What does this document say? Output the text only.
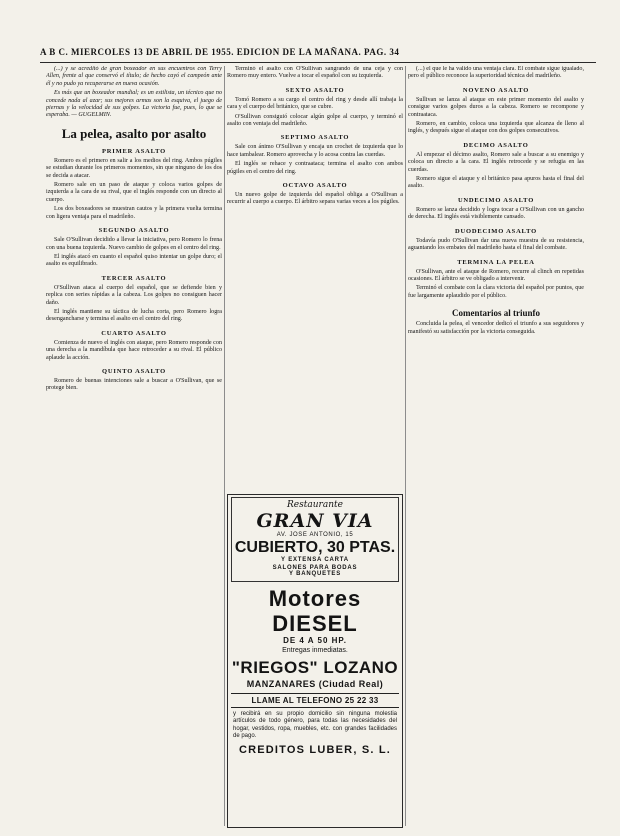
A B C. MIERCOLES 13 DE ABRIL DE 1955. EDICION DE LA MAÑANA. PAG. 34

(...) y se acreditó de gran boxeador en sus encuentros con Terry Allen, frente al que conservó el título; de hecho cayó el campeón ante él y no pudo ya recuperarse en nueva ocasión.

Es más que un boxeador mundial; es un estilista, un técnico que no concede nada al azar; sus mejores armas son la esquiva, el juego de piernas y la velocidad de sus golpes. La victoria fue, pues, lo que se esperaba. — GUGELMIN.

La pelea, asalto por asalto
PRIMER ASALTO

Romero es el primero en salir a los medios del ring. Ambos púgiles se estudian durante los primeros momentos, sin que ninguno de los dos se decida a atacar.

Romero sale en un paso de ataque y coloca varios golpes de izquierda a la cara de su rival, que el inglés responde con un directo al cuerpo.

Los dos boxeadores se muestran cautos y la primera vuelta termina con ligera ventaja para el madrileño.

SEGUNDO ASALTO

Sale O'Sullivan decidido a llevar la iniciativa, pero Romero lo frena con una buena izquierda. Nuevo cambio de golpes en el centro del ring.

El inglés atacó en cuanto el español quiso intentar un golpe duro; el asalto es equilibrado.

TERCER ASALTO

O'Sullivan ataca al cuerpo del español, que se defiende bien y replica con series rápidas a la cabeza. Los golpes no consiguen hacer daño.

El inglés mantiene su táctica de lucha corta, pero Romero logra desengancharse y termina el asalto en el centro del ring.

CUARTO ASALTO

Comienza de nuevo el inglés con ataque, pero Romero responde con una derecha a la mandíbula que hace retroceder a su rival. El público aplaude la acción.

QUINTO ASALTO

Romero de buenas intenciones sale a buscar a O'Sullivan, que se protege bien.

Terminó el asalto con O'Sullivan sangrando de una ceja y con Romero muy entero. Vuelve a tocar el español con su izquierda.

SEXTO ASALTO

Tomó Romero a su cargo el centro del ring y desde allí trabaja la cara y el cuerpo del británico, que se cubre.

O'Sullivan consiguió colocar algún golpe al cuerpo, y terminó el asalto con ventaja del madrileño.

SEPTIMO ASALTO

Sale con ánimo O'Sullivan y encaja un crochet de izquierda que lo hace tambalear. Romero aprovecha y lo acosa contra las cuerdas.

El inglés se rehace y contraataca; termina el asalto con ambos púgiles en el centro del ring.

OCTAVO ASALTO

Un nuevo golpe de izquierda del español obliga a O'Sullivan a recurrir al cuerpo a cuerpo. El árbitro separa varias veces a los púgiles.

Restaurante
GRAN VIA
AV. JOSE ANTONIO, 15
CUBIERTO, 30 PTAS.
Y EXTENSA CARTA
SALONES PARA BODAS
Y BANQUETES
Motores DIESEL
DE 4 A 50 HP.
Entregas inmediatas.
"RIEGOS" LOZANO
MANZANARES (Ciudad Real)
LLAME AL TELEFONO 25 22 33
y recibirá en su propio domicilio sin ninguna molestia artículos de todo género, para todas las necesidades del hogar, vestidos, ropa, muebles, etc. con grandes facilidades de pago.
CREDITOS LUBER, S. L.

(...) el que le ha valido una ventaja clara. El combate sigue igualado, pero el público reconoce la superioridad técnica del madrileño.

NOVENO ASALTO

Sullivan se lanza al ataque en este primer momento del asalto y consigue varios golpes duros a la cabeza. Romero se recompone y contraataca.

Romero, en cambio, coloca una izquierda que alcanza de lleno al inglés, y después sigue el ataque con dos golpes consecutivos.

DECIMO ASALTO

Al empezar el décimo asalto, Romero sale a buscar a su enemigo y coloca un directo a la cara. El inglés retrocede y se refugia en las cuerdas.

Romero sigue el ataque y el británico pasa apuros hasta el final del asalto.

UNDECIMO ASALTO

Romero se lanza decidido y logra tocar a O'Sullivan con un gancho de derecha. El inglés está visiblemente cansado.

DUODECIMO ASALTO

Todavía pudo O'Sullivan dar una nueva muestra de su resistencia, aguantando los embates del madrileño hasta el final del combate.

TERMINA LA PELEA

O'Sullivan, ante el ataque de Romero, recurre al clinch en repetidas ocasiones. El árbitro se ve obligado a intervenir.

Terminó el combate con la clara victoria del español por puntos, que fue largamente aplaudido por el público.

Comentarios al triunfo

Concluida la pelea, el vencedor dedicó el triunfo a sus seguidores y manifestó su satisfacción por la victoria conseguida.
